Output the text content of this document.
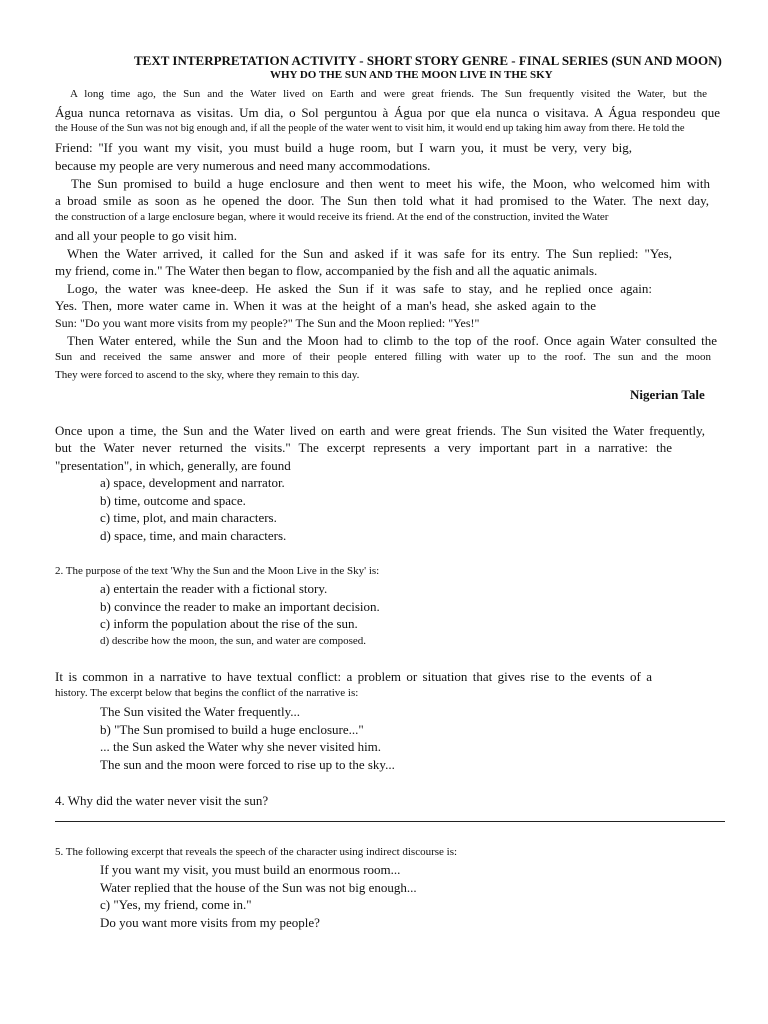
TEXT INTERPRETATION ACTIVITY - SHORT STORY GENRE - FINAL SERIES (SUN AND MOON)
WHY DO THE SUN AND THE MOON LIVE IN THE SKY
A long time ago, the Sun and the Water lived on Earth and were great friends. The Sun frequently visited the Water, but the
Água nunca retornava as visitas. Um dia, o Sol perguntou à Água por que ela nunca o visitava. A Água respondeu que
the House of the Sun was not big enough and, if all the people of the water went to visit him, it would end up taking him away from there. He told the
Friend: "If you want my visit, you must build a huge room, but I warn you, it must be very, very big,
because my people are very numerous and need many accommodations.
The Sun promised to build a huge enclosure and then went to meet his wife, the Moon, who welcomed him with
a broad smile as soon as he opened the door. The Sun then told what it had promised to the Water. The next day,
the construction of a large enclosure began, where it would receive its friend. At the end of the construction, invited the Water
and all your people to go visit him.
When the Water arrived, it called for the Sun and asked if it was safe for its entry. The Sun replied: "Yes,
my friend, come in." The Water then began to flow, accompanied by the fish and all the aquatic animals.
Logo, the water was knee-deep. He asked the Sun if it was safe to stay, and he replied once again:
Yes. Then, more water came in. When it was at the height of a man's head, she asked again to the
Sun: "Do you want more visits from my people?" The Sun and the Moon replied: "Yes!"
Then Water entered, while the Sun and the Moon had to climb to the top of the roof. Once again Water consulted the
Sun and received the same answer and more of their people entered filling with water up to the roof. The sun and the moon
They were forced to ascend to the sky, where they remain to this day.
Nigerian Tale
Once upon a time, the Sun and the Water lived on earth and were great friends. The Sun visited the Water frequently,
but the Water never returned the visits." The excerpt represents a very important part in a narrative: the
"presentation", in which, generally, are found
a) space, development and narrator.
b) time, outcome and space.
c) time, plot, and main characters.
d) space, time, and main characters.
2. The purpose of the text 'Why the Sun and the Moon Live in the Sky' is:
a) entertain the reader with a fictional story.
b) convince the reader to make an important decision.
c) inform the population about the rise of the sun.
d) describe how the moon, the sun, and water are composed.
It is common in a narrative to have textual conflict: a problem or situation that gives rise to the events of a
history. The excerpt below that begins the conflict of the narrative is:
The Sun visited the Water frequently...
b) "The Sun promised to build a huge enclosure..."
... the Sun asked the Water why she never visited him.
The sun and the moon were forced to rise up to the sky...
4. Why did the water never visit the sun?
5. The following excerpt that reveals the speech of the character using indirect discourse is:
If you want my visit, you must build an enormous room...
Water replied that the house of the Sun was not big enough...
c) "Yes, my friend, come in."
Do you want more visits from my people?
